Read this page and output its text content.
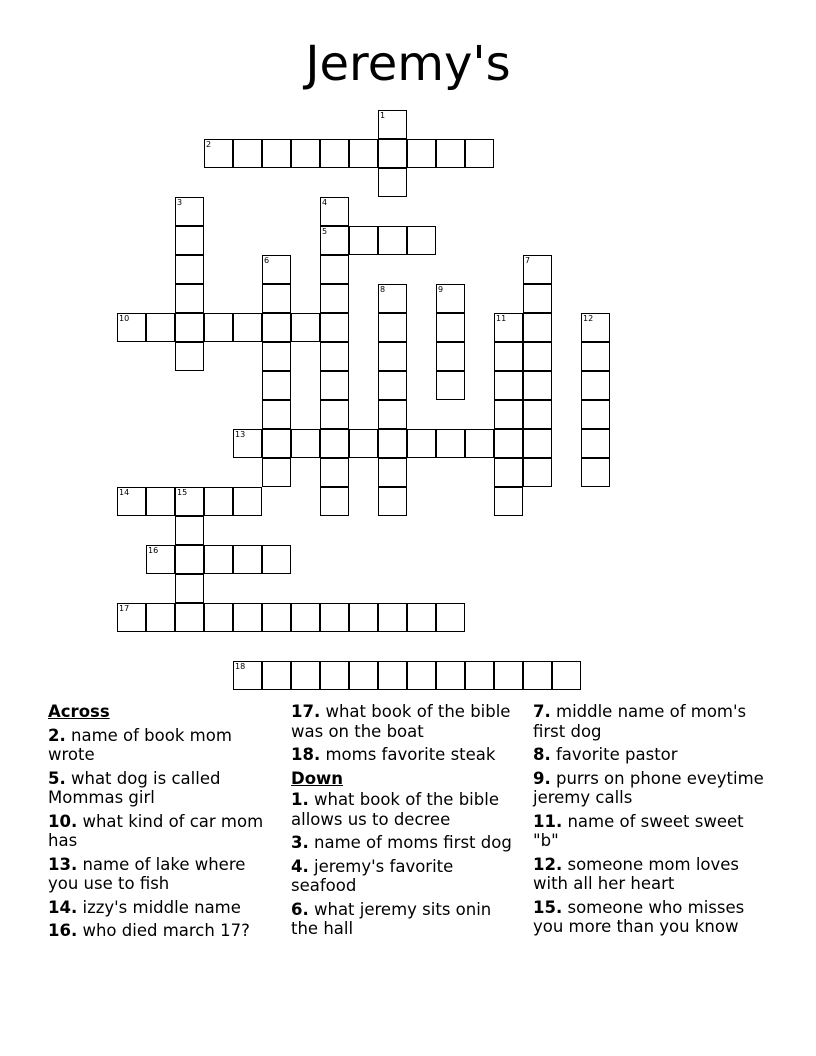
Jeremy's
1
2
3	4
5
6	7
8	9
10	11	12
13
14	15
16
17
18
Across
2. name of book mom wrote
5. what dog is called Mommas girl
10. what kind of car mom has
13. name of lake where you use to fish
14. izzy's middle name
16. who died march 17?
17. what book of the bible was on the boat
18. moms favorite steak
Down
1. what book of the bible allows us to decree
3. name of moms first dog
4. jeremy's favorite seafood
6. what jeremy sits onin the hall
7. middle name of mom's first dog
8. favorite pastor
9. purrs on phone eveytime jeremy calls
11. name of sweet sweet "b"
12. someone mom loves with all her heart
15. someone who misses you more than you know
